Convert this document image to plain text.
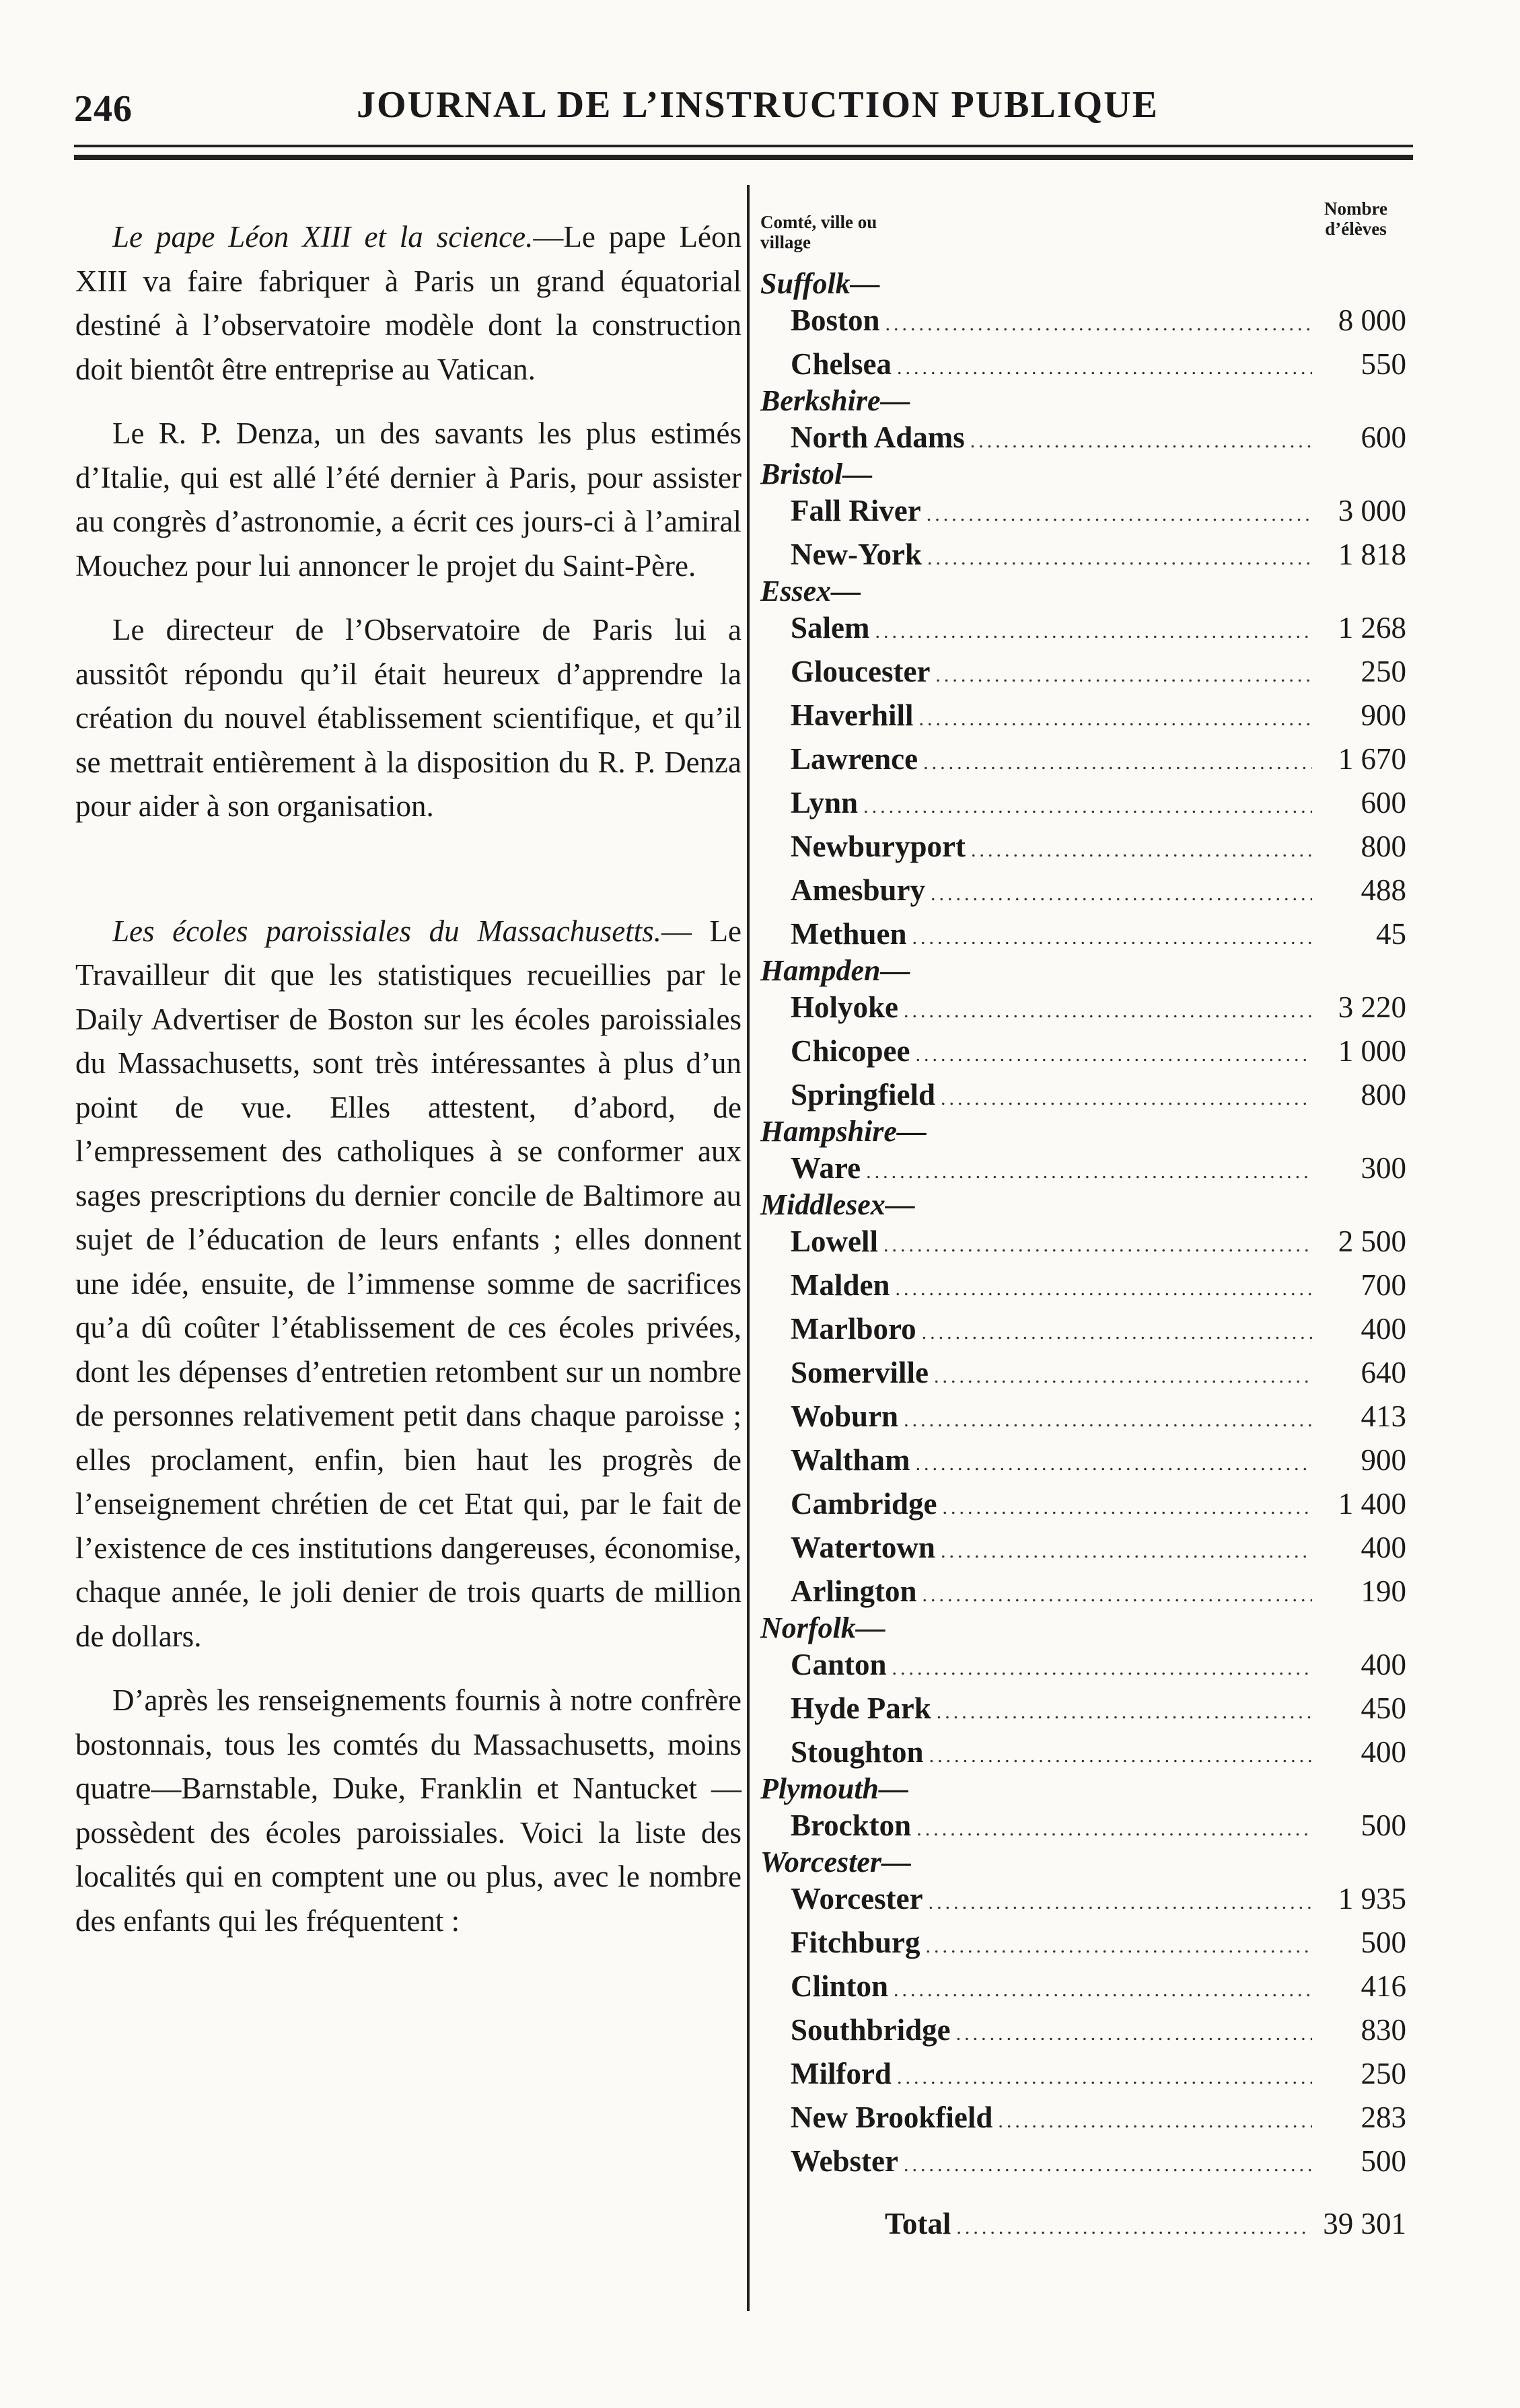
246	JOURNAL DE L’INSTRUCTION PUBLIQUE

Le pape Léon XIII et la science.—Le pape Léon XIII va faire fabriquer à Paris un grand équatorial destiné à l’observatoire modèle dont la construction doit bientôt être entreprise au Vatican.

Le R. P. Denza, un des savants les plus estimés d’Italie, qui est allé l’été dernier à Paris, pour assister au congrès d’astronomie, a écrit ces jours-ci à l’amiral Mouchez pour lui annoncer le projet du Saint-Père.

Le directeur de l’Observatoire de Paris lui a aussitôt répondu qu’il était heureux d’apprendre la création du nouvel établissement scientifique, et qu’il se mettrait entièrement à la disposition du R. P. Denza pour aider à son organisation.

Les écoles paroissiales du Massachusetts.— Le Travailleur dit que les statistiques recueillies par le Daily Advertiser de Boston sur les écoles paroissiales du Massachusetts, sont très intéressantes à plus d’un point de vue. Elles attestent, d’abord, de l’empressement des catholiques à se conformer aux sages prescriptions du dernier concile de Baltimore au sujet de l’éducation de leurs enfants ; elles donnent une idée, ensuite, de l’immense somme de sacrifices qu’a dû coûter l’établissement de ces écoles privées, dont les dépenses d’entretien retombent sur un nombre de personnes relativement petit dans chaque paroisse ; elles proclament, enfin, bien haut les progrès de l’enseignement chrétien de cet Etat qui, par le fait de l’existence de ces institutions dangereuses, économise, chaque année, le joli denier de trois quarts de million de dollars.

D’après les renseignements fournis à notre confrère bostonnais, tous les comtés du Massachusetts, moins quatre—Barnstable, Duke, Franklin et Nantucket —possèdent des écoles paroissiales. Voici la liste des localités qui en comptent une ou plus, avec le nombre des enfants qui les fréquentent :

Comté, ville ou village
Nombre d’élèves
Suffolk—
Boston .....	8 000
Chelsea .....	550
Berkshire—
North Adams .....	600
Bristol—
Fall River .....	3 000
New-York .....	1 818
Essex—
Salem .....	1 268
Gloucester .....	250
Haverhill .....	900
Lawrence .....	1 670
Lynn .....	600
Newburyport .....	800
Amesbury .....	488
Methuen .....	45
Hampden—
Holyoke .....	3 220
Chicopee .....	1 000
Springfield .....	800
Hampshire—
Ware .....	300
Middlesex—
Lowell .....	2 500
Malden .....	700
Marlboro .....	400
Somerville .....	640
Woburn .....	413
Waltham .....	900
Cambridge .....	1 400
Watertown .....	400
Arlington .....	190
Norfolk—
Canton .....	400
Hyde Park .....	450
Stoughton .....	400
Plymouth—
Brockton .....	500
Worcester—
Worcester .....	1 935
Fitchburg .....	500
Clinton .....	416
Southbridge .....	830
Milford .....	250
New Brookfield .....	283
Webster .....	500
Total .....	39 301
